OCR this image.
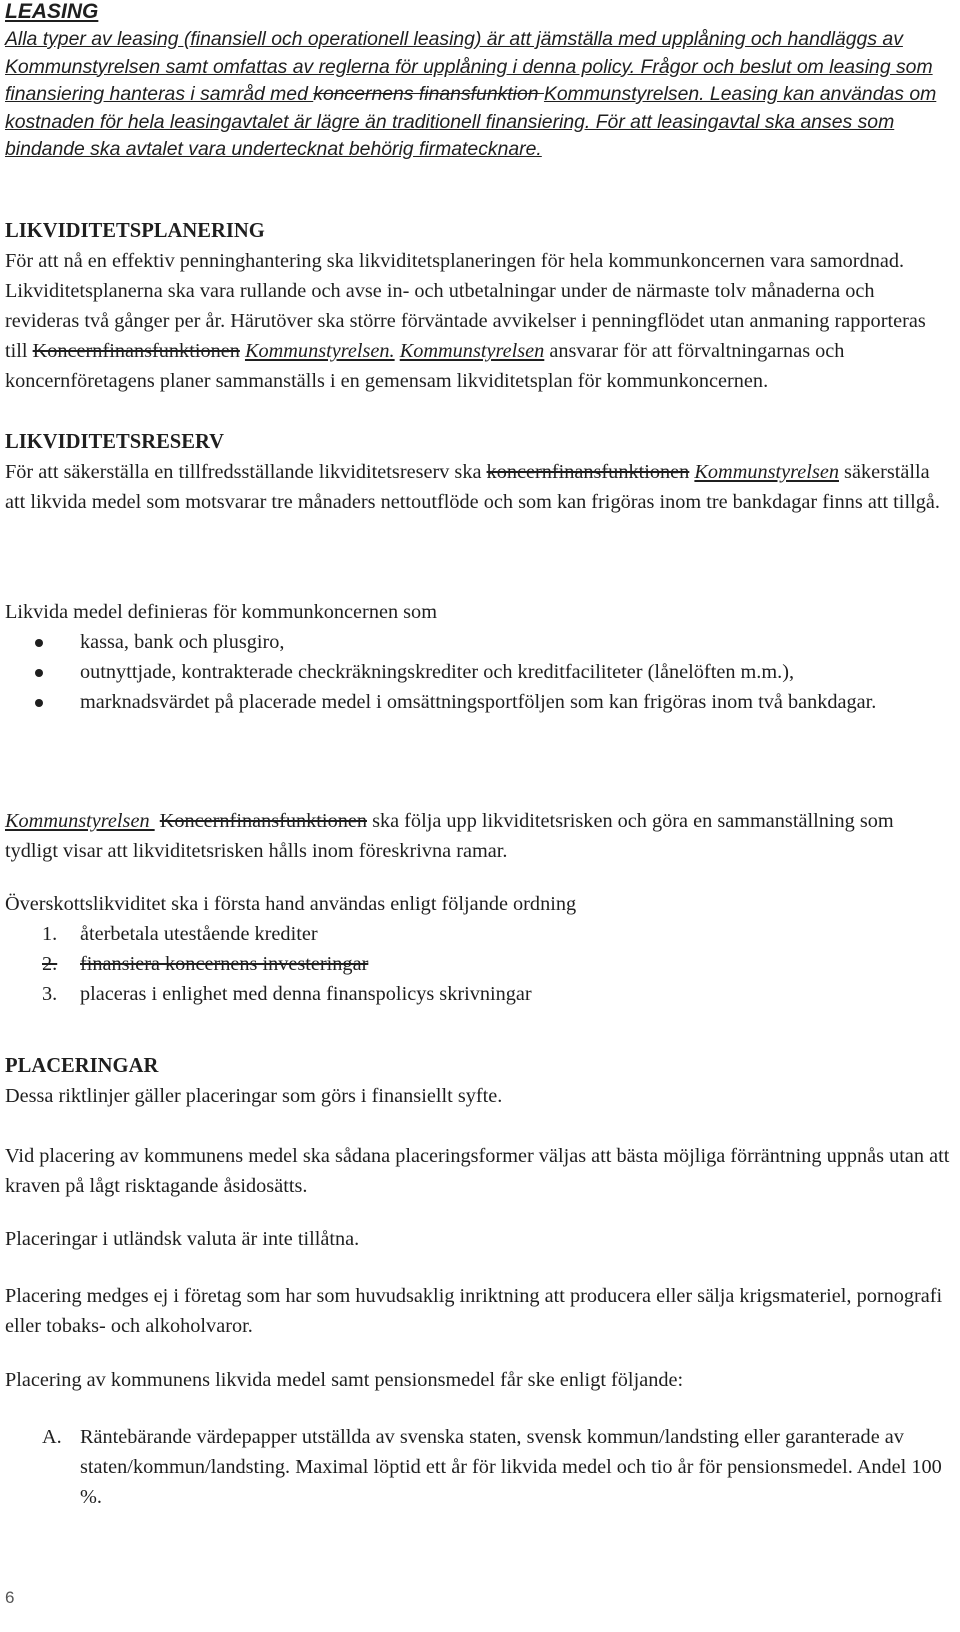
LEASING
Alla typer av leasing (finansiell och operationell leasing) är att jämställa med upplåning och handläggs av Kommunstyrelsen samt omfattas av reglerna för upplåning i denna policy. Frågor och beslut om leasing som finansiering hanteras i samråd med koncernens finansfunktion Kommunstyrelsen. Leasing kan användas om kostnaden för hela leasingavtalet är lägre än traditionell finansiering. För att leasingavtal ska anses som bindande ska avtalet vara undertecknat behörig firmatecknare.
LIKVIDITETSPLANERING
För att nå en effektiv penninghantering ska likviditetsplaneringen för hela kommunkoncernen vara samordnad. Likviditetsplanerna ska vara rullande och avse in- och utbetalningar under de närmaste tolv månaderna och revideras två gånger per år. Härutöver ska större förväntade avvikelser i penningflödet utan anmaning rapporteras till Koncernfinansfunktionen Kommunstyrelsen. Kommunstyrelsen ansvarar för att förvaltningarnas och koncernföretagens planer sammanställs i en gemensam likviditetsplan för kommunkoncernen.
LIKVIDITETSRESERV
För att säkerställa en tillfredsställande likviditetsreserv ska koncernfinansfunktionen Kommunstyrelsen säkerställa att likvida medel som motsvarar tre månaders nettoutflöde och som kan frigöras inom tre bankdagar finns att tillgå.
Likvida medel definieras för kommunkoncernen som
kassa, bank och plusgiro,
outnyttjade, kontrakterade checkräkningskrediter och kreditfaciliteter (lånelöften m.m.),
marknadsvärdet på placerade medel i omsättningsportföljen som kan frigöras inom två bankdagar.
Kommunstyrelsen  Koncernfinansfunktionen ska följa upp likviditetsrisken och göra en sammanställning som tydligt visar att likviditetsrisken hålls inom föreskrivna ramar.
Överskottslikviditet ska i första hand användas enligt följande ordning
1. återbetala utestående krediter
2. finansiera koncernens investeringar
3. placeras i enlighet med denna finanspolicys skrivningar
PLACERINGAR
Dessa riktlinjer gäller placeringar som görs i finansiellt syfte.
Vid placering av kommunens medel ska sådana placeringsformer väljas att bästa möjliga förräntning uppnås utan att kraven på lågt risktagande åsidosätts.
Placeringar i utländsk valuta är inte tillåtna.
Placering medges ej i företag som har som huvudsaklig inriktning att producera eller sälja krigsmateriel, pornografi eller tobaks- och alkoholvaror.
Placering av kommunens likvida medel samt pensionsmedel får ske enligt följande:
A. Räntebärande värdepapper utställda av svenska staten, svensk kommun/landsting eller garanterade av staten/kommun/landsting. Maximal löptid ett år för likvida medel och tio år för pensionsmedel. Andel 100 %.
6
